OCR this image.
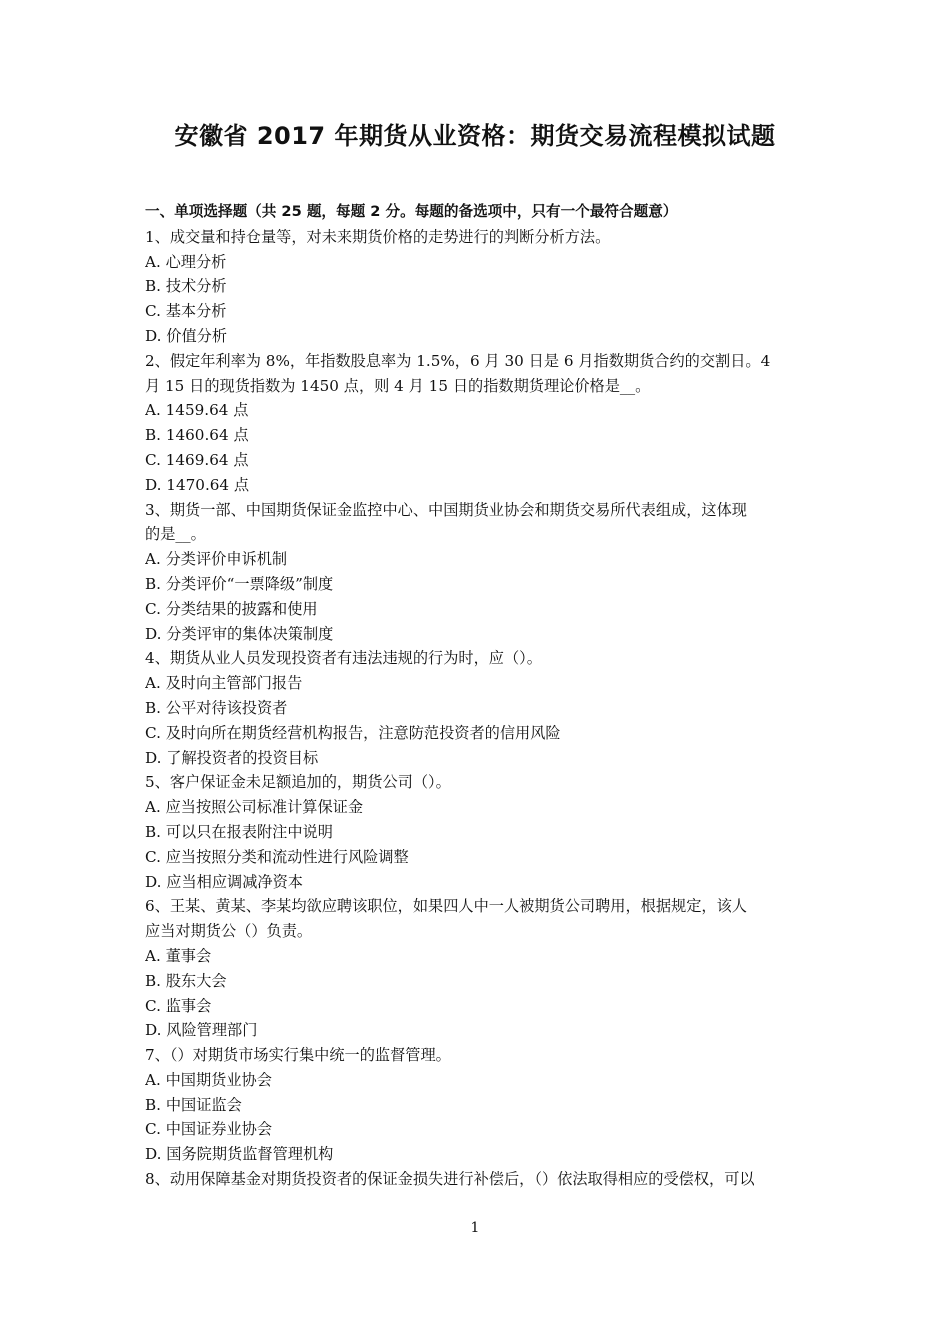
安徽省 2017 年期货从业资格：期货交易流程模拟试题
一、单项选择题（共 25 题，每题 2 分。每题的备选项中，只有一个最符合题意）
1、成交量和持仓量等，对未来期货价格的走势进行的判断分析方法。
A. 心理分析
B. 技术分析
C. 基本分析
D. 价值分析
2、假定年利率为 8%，年指数股息率为 1.5%，6 月 30 日是 6 月指数期货合约的交割日。4
月 15 日的现货指数为 1450 点，则 4 月 15 日的指数期货理论价格是__。
A. 1459.64 点
B. 1460.64 点
C. 1469.64 点
D. 1470.64 点
3、期货一部、中国期货保证金监控中心、中国期货业协会和期货交易所代表组成，这体现
的是__。
A. 分类评价申诉机制
B. 分类评价“一票降级”制度
C. 分类结果的披露和使用
D. 分类评审的集体决策制度
4、期货从业人员发现投资者有违法违规的行为时，应（）。
A. 及时向主管部门报告
B. 公平对待该投资者
C. 及时向所在期货经营机构报告，注意防范投资者的信用风险
D. 了解投资者的投资目标
5、客户保证金未足额追加的，期货公司（）。
A. 应当按照公司标准计算保证金
B. 可以只在报表附注中说明
C. 应当按照分类和流动性进行风险调整
D. 应当相应调减净资本
6、王某、黄某、李某均欲应聘该职位，如果四人中一人被期货公司聘用，根据规定，该人
应当对期货公（）负责。
A. 董事会
B. 股东大会
C. 监事会
D. 风险管理部门
7、（）对期货市场实行集中统一的监督管理。
A. 中国期货业协会
B. 中国证监会
C. 中国证券业协会
D. 国务院期货监督管理机构
8、动用保障基金对期货投资者的保证金损失进行补偿后，（）依法取得相应的受偿权，可以
1
